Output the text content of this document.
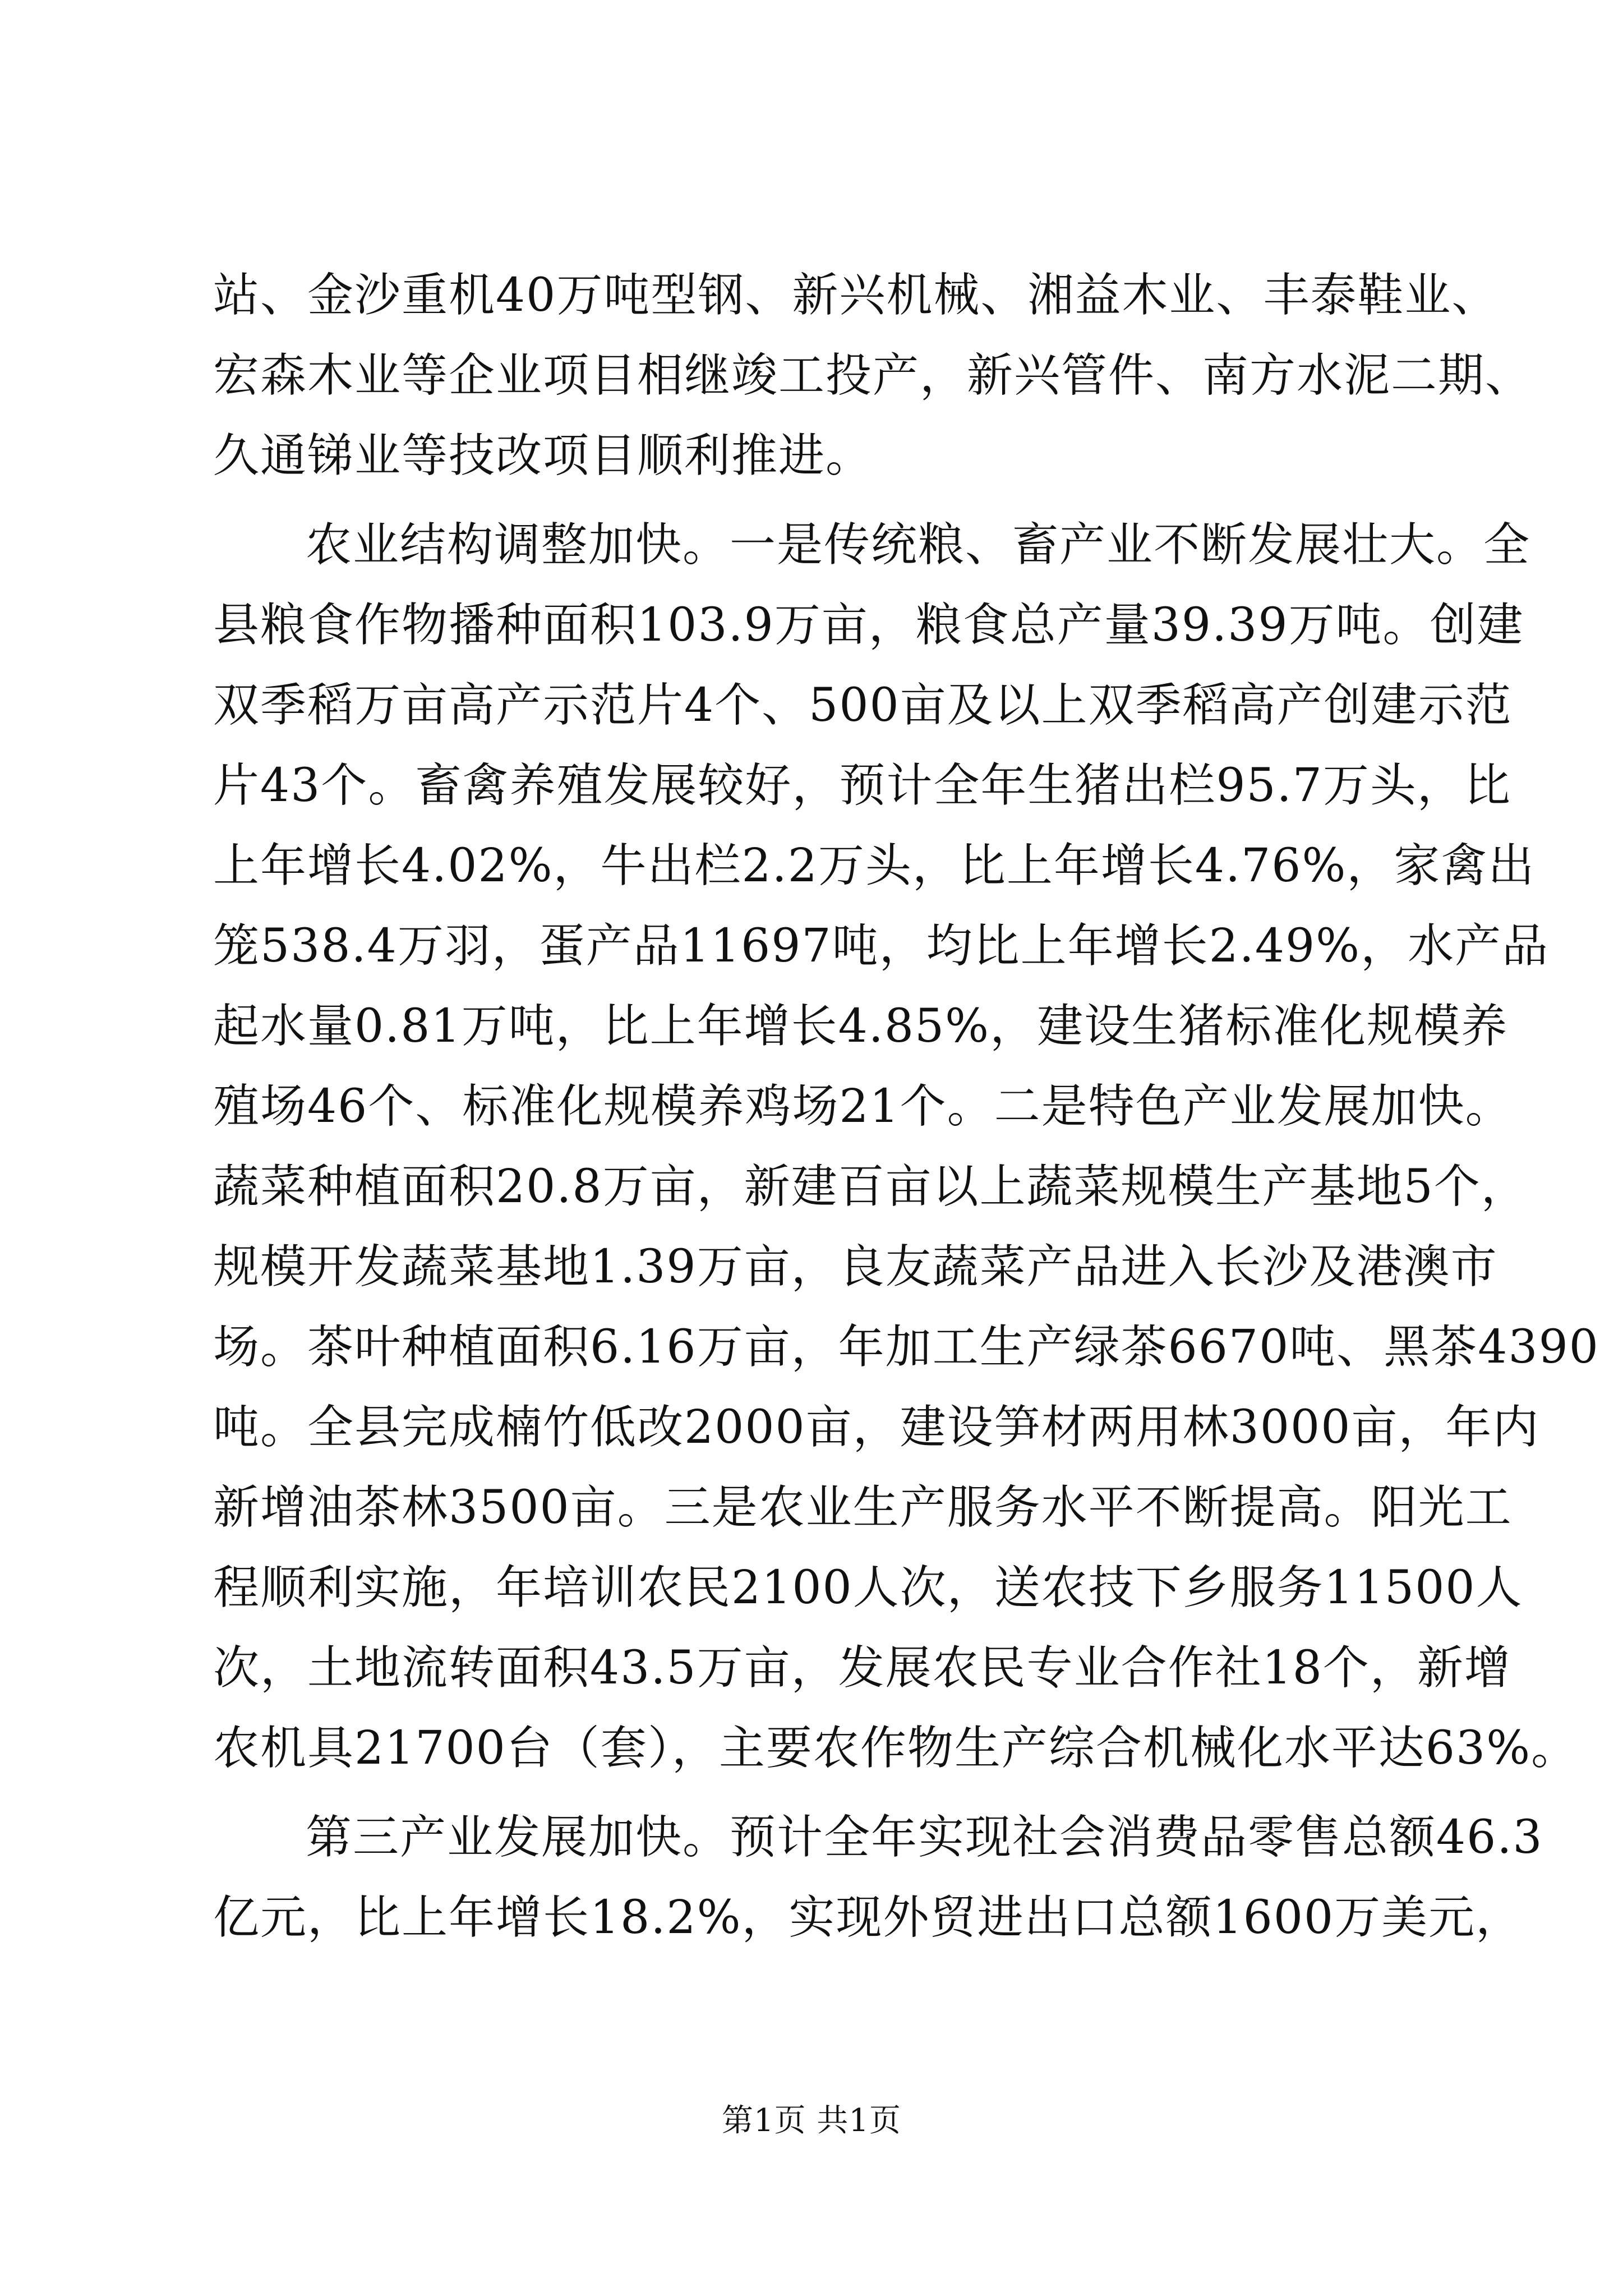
站、金沙重机40万吨型钢、新兴机械、湘益木业、丰泰鞋业、
宏森木业等企业项目相继竣工投产，新兴管件、南方水泥二期、
久通锑业等技改项目顺利推进。
农业结构调整加快。一是传统粮、畜产业不断发展壮大。全
县粮食作物播种面积103.9万亩，粮食总产量39.39万吨。创建
双季稻万亩高产示范片4个、500亩及以上双季稻高产创建示范
片43个。畜禽养殖发展较好，预计全年生猪出栏95.7万头，比
上年增长4.02%，牛出栏2.2万头，比上年增长4.76%，家禽出
笼538.4万羽，蛋产品11697吨，均比上年增长2.49%，水产品
起水量0.81万吨，比上年增长4.85%，建设生猪标准化规模养
殖场46个、标准化规模养鸡场21个。二是特色产业发展加快。
蔬菜种植面积20.8万亩，新建百亩以上蔬菜规模生产基地5个，
规模开发蔬菜基地1.39万亩，良友蔬菜产品进入长沙及港澳市
场。茶叶种植面积6.16万亩，年加工生产绿茶6670吨、黑茶4390
吨。全县完成楠竹低改2000亩，建设笋材两用林3000亩，年内
新增油茶林3500亩。三是农业生产服务水平不断提高。阳光工
程顺利实施，年培训农民2100人次，送农技下乡服务11500人
次，土地流转面积43.5万亩，发展农民专业合作社18个，新增
农机具21700台（套），主要农作物生产综合机械化水平达63%。
第三产业发展加快。预计全年实现社会消费品零售总额46.3
亿元，比上年增长18.2%，实现外贸进出口总额1600万美元，
第1页 共1页
